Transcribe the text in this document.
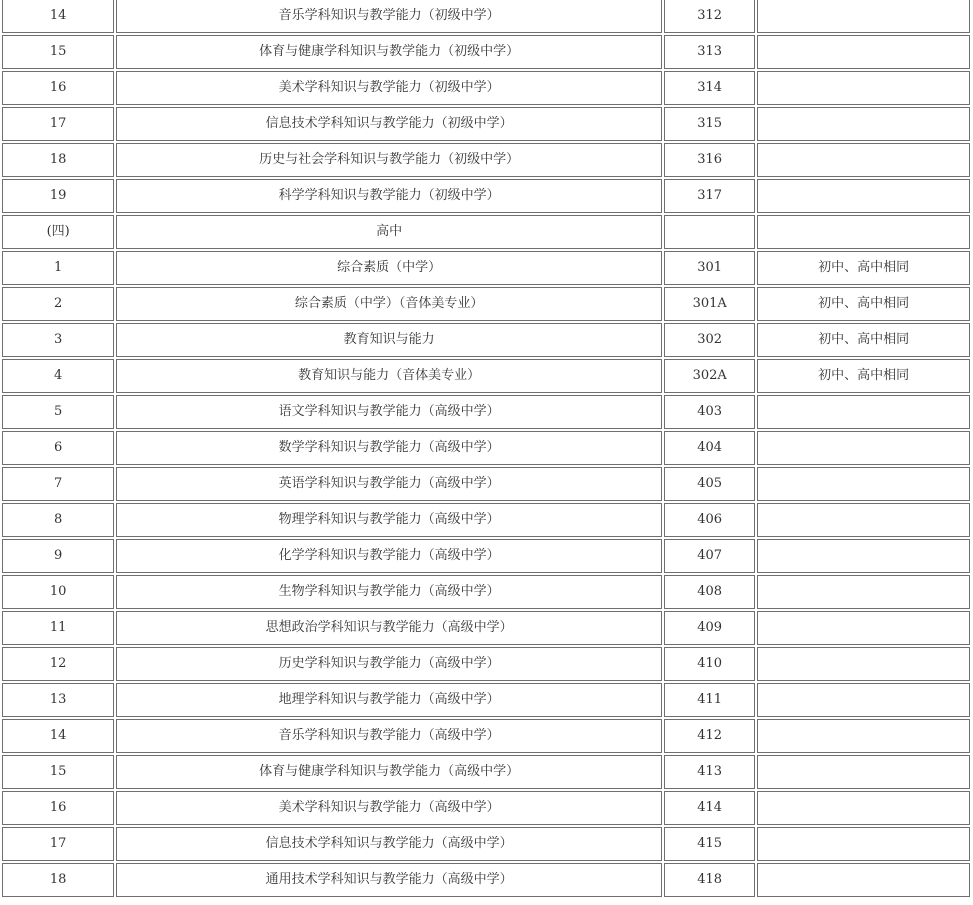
14	音乐学科知识与教学能力（初级中学）	312	
15	体育与健康学科知识与教学能力（初级中学）	313	
16	美术学科知识与教学能力（初级中学）	314	
17	信息技术学科知识与教学能力（初级中学）	315	
18	历史与社会学科知识与教学能力（初级中学）	316	
19	科学学科知识与教学能力（初级中学）	317	
(四)	高中		
1	综合素质（中学）	301	初中、高中相同
2	综合素质（中学）（音体美专业）	301A	初中、高中相同
3	教育知识与能力	302	初中、高中相同
4	教育知识与能力（音体美专业）	302A	初中、高中相同
5	语文学科知识与教学能力（高级中学）	403	
6	数学学科知识与教学能力（高级中学）	404	
7	英语学科知识与教学能力（高级中学）	405	
8	物理学科知识与教学能力（高级中学）	406	
9	化学学科知识与教学能力（高级中学）	407	
10	生物学科知识与教学能力（高级中学）	408	
11	思想政治学科知识与教学能力（高级中学）	409	
12	历史学科知识与教学能力（高级中学）	410	
13	地理学科知识与教学能力（高级中学）	411	
14	音乐学科知识与教学能力（高级中学）	412	
15	体育与健康学科知识与教学能力（高级中学）	413	
16	美术学科知识与教学能力（高级中学）	414	
17	信息技术学科知识与教学能力（高级中学）	415	
18	通用技术学科知识与教学能力（高级中学）	418	
